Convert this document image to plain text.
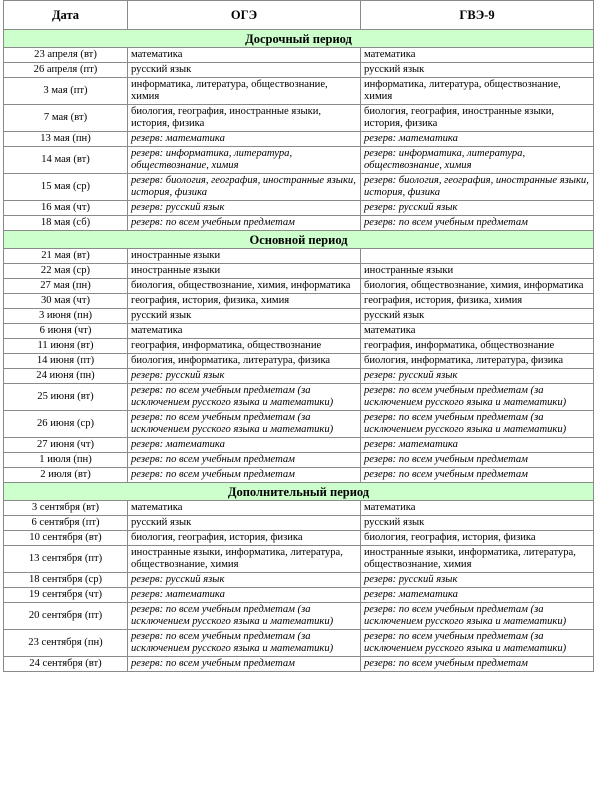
Дата	ОГЭ	ГВЭ-9
Досрочный период		
23 апреля (вт)	математика	математика
26 апреля (пт)	русский язык	русский язык
3 мая (пт)	информатика, литература, обществознание, химия	информатика, литература, обществознание, химия
7 мая (вт)	биология, география, иностранные языки, история, физика	биология, география, иностранные языки, история, физика
13 мая (пн)	резерв: математика	резерв: математика
14 мая (вт)	резерв: информатика, литература, обществознание, химия	резерв: информатика, литература, обществознание, химия
15 мая (ср)	резерв: биология, география, иностранные языки, история, физика	резерв: биология, география, иностранные языки, история, физика
16 мая (чт)	резерв: русский язык	резерв: русский язык
18 мая (сб)	резерв: по всем учебным предметам	резерв: по всем учебным предметам
Основной период		
21 мая (вт)	иностранные языки	
22 мая (ср)	иностранные языки	иностранные языки
27 мая (пн)	биология, обществознание, химия, информатика	биология, обществознание, химия, информатика
30 мая (чт)	география, история, физика, химия	география, история, физика, химия
3 июня (пн)	русский язык	русский язык
6 июня (чт)	математика	математика
11 июня (вт)	география, информатика, обществознание	география, информатика, обществознание
14 июня (пт)	биология, информатика, литература, физика	биология, информатика, литература, физика
24 июня (пн)	резерв: русский язык	резерв: русский язык
25 июня (вт)	резерв: по всем учебным предметам (за исключением русского языка и математики)	резерв: по всем учебным предметам (за исключением русского языка и математики)
26 июня (ср)	резерв: по всем учебным предметам (за исключением русского языка и математики)	резерв: по всем учебным предметам (за исключением русского языка и математики)
27 июня (чт)	резерв: математика	резерв: математика
1 июля (пн)	резерв: по всем учебным предметам	резерв: по всем учебным предметам
2 июля (вт)	резерв: по всем учебным предметам	резерв: по всем учебным предметам
Дополнительный период		
3 сентября (вт)	математика	математика
6 сентября (пт)	русский язык	русский язык
10 сентября (вт)	биология, география, история, физика	биология, география, история, физика
13 сентября (пт)	иностранные языки, информатика, литература, обществознание, химия	иностранные языки, информатика, литература, обществознание, химия
18 сентября (ср)	резерв: русский язык	резерв: русский язык
19 сентября (чт)	резерв: математика	резерв: математика
20 сентября (пт)	резерв: по всем учебным предметам (за исключением русского языка и математики)	резерв: по всем учебным предметам (за исключением русского языка и математики)
23 сентября (пн)	резерв: по всем учебным предметам (за исключением русского языка и математики)	резерв: по всем учебным предметам (за исключением русского языка и математики)
24 сентября (вт)	резерв: по всем учебным предметам	резерв: по всем учебным предметам
